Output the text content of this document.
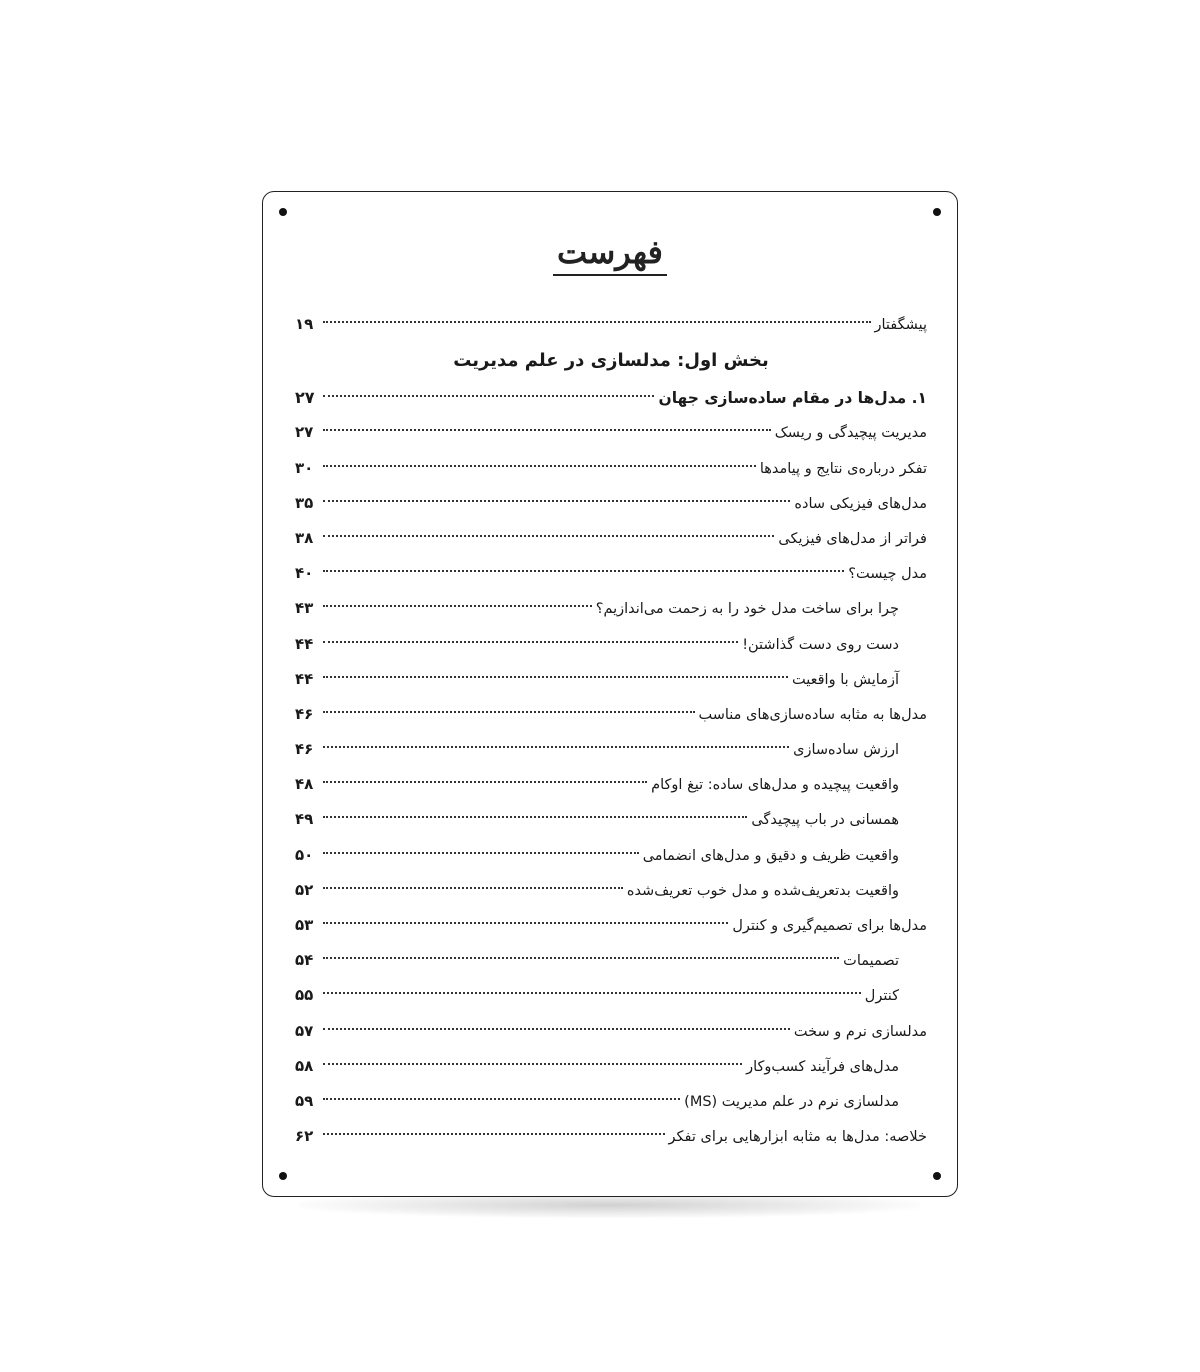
فهرست
پیشگفتار
۱۹
بخش اول: مدلسازی در علم مدیریت
۱. مدل‌ها در مقام ساده‌سازی جهان
۲۷
مدیریت پیچیدگی و ریسک
۲۷
تفکر درباره‌ی نتایج و پیامدها
۳۰
مدل‌های فیزیکی ساده
۳۵
فراتر از مدل‌های فیزیکی
۳۸
مدل چیست؟
۴۰
چرا برای ساخت مدل خود را به زحمت می‌اندازیم؟
۴۳
دست روی دست گذاشتن!
۴۴
آزمایش با واقعیت
۴۴
مدل‌ها به مثابه ساده‌سازی‌های مناسب
۴۶
ارزش ساده‌سازی
۴۶
واقعیت پیچیده و مدل‌های ساده: تیغ اوکام
۴۸
همسانی در باب پیچیدگی
۴۹
واقعیت ظریف و دقیق و مدل‌های انضمامی
۵۰
واقعیت بدتعریف‌شده و مدل خوب تعریف‌شده
۵۲
مدل‌ها برای تصمیم‌گیری و کنترل
۵۳
تصمیمات
۵۴
کنترل
۵۵
مدلسازی نرم و سخت
۵۷
مدل‌های فرآیند کسب‌وکار
۵۸
مدلسازی نرم در علم مدیریت (MS)
۵۹
خلاصه: مدل‌ها به مثابه ابزارهایی برای تفکر
۶۲
